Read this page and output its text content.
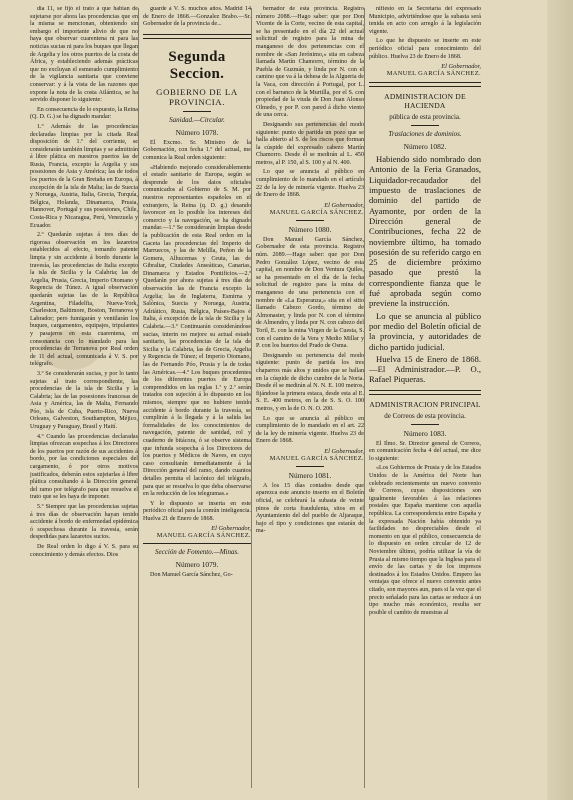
dia 11, se fijó el trato á que habian de sujetarse por ahora las procedencias que en la misma se mencionan, obteniendo sin embargo el importante alivio de que no haya que observar cuarentena ni para las noticias sucias ni para los buques que llegan de Argelia y los otros puertos de la costa de África, y estableciendo además prácticas que no excluyan el esmerado cumplimiento de la vigilancia sanitaria que conviene conservar: y á la vista de las razones que expone la nota de la costa Atlántica, se ha servido disponer lo siguiente:

En consecuencia de lo expuesto, la Reina (Q. D. G.) se ha dignado mandar:

1.º Además de las procedencias declaradas limpias por la citada Real disposición de 1.º del corriente, se considerarán también limpias y se admitirán á libre plática en nuestros puertos las de Rusia, Francia, excepto la Argelia y sus posesiones de Asia y América; las de todos los puertos de la Gran Bretaña en Europa, á excepción de la isla de Malta; las de Suecia y Noruega, Austria, Italia, Grecia, Turquía, Bélgica, Holanda, Dinamarca, Prusia, Hannover, Portugal y sus posesiones, Chile, Costa-Rica y Nicaragua, Perú, Venezuela y Ecuador.

2.º Quedarán sujetas á tres días de rigorosa observación en los lazaretos establecidos al efecto, tomando patente limpia y sin accidente á bordo durante la travesía, las procedencias de Italia excepto la isla de Sicilia y la Calabria; las de Argelia, Prusia, Grecia, Imperio Otomano y Regencia de Túnez. A igual observación quedarán sujetas las de la República Argentina, Filadelfia, Nueva-York, Charleston, Baltimore, Boston, Terranova y Labrador; pero fumigarán y ventilarán los buques, cargamentos, equipajes, tripulantes y pasajeros en esta cuarentena, en consonancia con lo mandado para las procedencias de Terranova por Real orden de 11 del actual, comunicada á V. S. por telégrafo.

3.º Se considerarán sucias, y por lo tanto sujetas al trato correspondiente, las procedencias de la isla de Sicilia y la Calabria; las de las posesiones francesas de Asia y América, las de Malta, Fernando Póo, isla de Cuba, Puerto-Rico, Nueva Orleans, Galveston, Southampton, Méjico, Uruguay y Paraguay, Brasil y Haití.

4.º Cuando las procedencias declaradas limpias ofrezcan sospechas á los Directores de los puertos por razón de sus accidentes á bordo, por las condiciones especiales del cargamento, ó por otros motivos justificados, deberán estos sujetarlas á libre plática consultando á la Dirección general del ramo por telégrafo para que resuelva el trato que se les haya de imponer.

5.º Siempre que las procedencias sujetas á tres días de observación hayan tenido accidente á bordo de enfermedad epidémica ó sospechosa durante la travesía, serán despedidas para lazaretos sucios.

De Real orden lo digo á V. S. para su conocimiento y demás efectos. Dios

guarde á V. S. muchos años. Madrid 14 de Enero de 1868.—Gonzalez Brabo.—Sr. Gobernador de la provincia de...

Segunda Seccion.
GOBIERNO DE LA PROVINCIA.
Sanidad.—Circular.
Número 1078.

El Excmo. Sr. Ministro de la Gobernación, con fecha 1.º del actual, me comunica la Real orden siguiente:

«Habiendo mejorado considerablemente el estado sanitario de Europa, según se desprende de los datos oficiales comunicados al Gobierno de S. M. por nuestros representantes españoles en el extranjero, la Reina (q. D. g.) desando favorecer en lo posible los intereses del comercio y la navegación, se ha dignado mandar.—1.º Se considerarán limpias desde la publicación de esta Real orden en la Gaceta las procedencias del Imperio de Marruecos, y las de Melilla, Peñon de la Gomera, Alhucemas y Ceuta, las de Gibraltar, Ciudades Anseáticas, Canarias, Dinamarca y Estados Pontificios.—2.º Quedarán por ahora sujetas á tres días de observación las de Francia excepto la Argelia; las de Inglaterra, Esmirna y Salónica, Suecia y Noruega, Austria, Adriático, Rusia, Bélgica, Países-Bajos é Italia, á excepción de la isla de Sicilia y la Calabria.—3.º Continuarán considerándose sucias, interin no mejore su actual estado sanitario, las procedencias de la isla de Sicilia y la Calabria, las de Grecia, Argelia y Regencia de Túnez; el Imperio Otomano, las de Fernando Póo, Prusia y la de todas las Américas.—4.º Los buques procedentes de los diferentes puertos de Europa comprendidos en las reglas 1.ª y 2.ª serán tratados con sujeción á lo dispuesto en los mismos, siempre que no hubiere tenido accidente á bordo durante la travesía, se cumplirán á la llegada y á la salida las formalidades de los conocimientos de navegación, patente de sanidad, rol y cuaderno de bitácora, ó se observe sistema que infunda sospecha á los Directores de los puertos y Médicos de Naves, en cuyo caso consultarán inmediatamente á la Dirección general del ramo, dando cuantos detalles permita el lacónico del telégrafo, para que se resuelva lo que deba observarse en la reducción de los telegramas.»

Y lo dispuesto se inserta en este periódico oficial para la común inteligencia. Huelva 21 de Enero de 1868.

El Gobernador,
MANUEL GARCÍA SÁNCHEZ.
Sección de Fomento.—Minas.
Número 1079.

Don Manuel García Sánchez, Go-

bernador de esta provincia. Registro número 2088.—Hago saber: que por Don Vicente de la Corte, vecino de esta capital, se ha presentado en el día 22 del actual solicitud de registro para la mina de manganeso de dos pertenencias con el nombre de «San Jerónimo,» sita en cabeza llamada Martín Chamorro, término de la Puebla de Guzmán, y linda por N. con el camino que va á la dehesa de la Algueria de la Vaca, con dirección á Portugal, por L. con el barranco de la Murtilla, por el S. con propiedad de la viuda de Don Juan Alonso Olmedo, y por P. con pared á dicho viento de una cerca.

Designando sus pertenencias del modo siguiente: punto de partida un pozo que se halla abierto al S. de los riscos que forman la cúspide del expresado cabezo Martín Chamorro. Desde él se medirán al L. 450 metros, al P. 150, al S. 100 y al N. 400.

Lo que se anuncia al público en cumplimiento de lo mandado en el artículo 22 de la ley de minería vigente. Huelva 23 de Enero de 1868.

El Gobernador,
MANUEL GARCÍA SÁNCHEZ.
Número 1080.

Don Manuel García Sánchez, Gobernador de esta provincia. Registro núm. 2089.—Hago saber: que por Don Pedro González López, vecino de esta capital, en nombre de Don Ventura Quiles, se ha presentado en el día de la fecha solicitud de registro para la mina de manganeso de una pertenencia con el nombre de «La Esperanza,» sita en el sitio llamado Cabezo Gordo, término de Almonaster, y linda por N. con el término de Almendro, y linda por N. con cabezo del Toril, E. con la mina Virgen de la Cuesta, S. con el camino de la Vera y Medio Millar y P. con los huertos del Prado de Osma.

Designando su pertenencia del modo siguiente: punto de partida los tres chaparros más altos y unidos que se hallan en la cúspide de dicho cumbre de la Noria. Desde él se medirán al N. N. E. 100 metros, fijándose la primera estaca, desde esta al E. S. E. 400 metros, en la de S. S. O. 100 metros, y en la de O. N. O. 200.

Lo que se anuncia al público en cumplimiento de lo mandado en el art. 22 de la ley de minería vigente. Huelva 23 de Enero de 1868.

El Gobernador,
MANUEL GARCÍA SÁNCHEZ.
Número 1081.

A los 15 días contados desde que aparezca este anuncio inserto en el Boletín oficial, se celebrará la subasta de veinte pinos de corta fraudulenta, sitos en el Ayuntamiento del del pueblo de Aljaraque, bajo el tipo y condiciones que estarán de ma-

nifiesto en la Secretaría del expresado Municipio, advirtiéndose que la subasta será tenida en acto con arreglo á la legislación vigente.

Lo que he dispuesto se inserte en este periódico oficial para conocimiento del público. Huelva 23 de Enero de 1868.

El Gobernador,
MANUEL GARCÍA SÁNCHEZ.
ADMINISTRACION DE HACIENDA
pública de esta provincia.
Traslaciones de dominios.
Número 1082.

Habiendo sido nombrado don Antonio de la Feria Granados, Liquidador-recaudador del impuesto de traslaciones de dominio del partido de Ayamonte, por orden de la Dirección general de Contribuciones, fecha 22 de noviembre último, ha tomado posesión de su referido cargo en 25 de diciembre próximo pasado que prestó la correspondiente fianza que le fué aprobada según como previene la instrucción.

Lo que se anuncia al público por medio del Boletín oficial de la provincia, y autoridades de dicho partido judicial.

Huelva 15 de Enero de 1868.—El Administrador.—P. O., Rafael Piqueras.

ADMINISTRACION PRINCIPAL
de Correos de esta provincia.
Número 1083.

El Ilmo. Sr. Director general de Correos, en comunicación fecha 4 del actual, me dice lo siguiente:

«Los Gobiernos de Prusia y de los Estados Unidos de la América del Norte han celebrado recientemente un nuevo convenio de Correos, cuyas disposiciones son igualmente favorables á las relaciones postales que España mantiene con aquella república. La correspondencia entre España y la expresada Nación había obtenido ya facilidades no despreciables desde el momento en que el público, consecuencia de lo dispuesto en orden circular de 12 de Noviembre último, podría utilizar la vía de Prusia al mismo tiempo que la Inglesa para el envío de las cartas y de los impresos destinados á los Estados Unidos. Empero las ventajas que ofrece el nuevo convenio antes citado, son mayores aun, pues si la vez que el precio señalado para las cartas se reduce á un tipo mucho más económico, resulta ser posible el cambio de muestras al
